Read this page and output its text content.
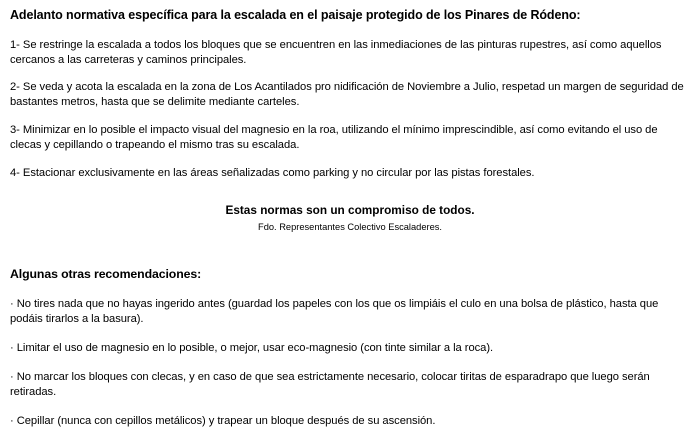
Adelanto normativa específica para la escalada en el paisaje protegido de los Pinares de Ródeno:

1- Se restringe la escalada a todos los bloques que se encuentren en las inmediaciones de las pinturas rupestres, así como aquellos cercanos a las carreteras y caminos principales.

2- Se veda y acota la escalada en la zona de Los Acantilados pro nidificación de Noviembre a Julio, respetad un margen de seguridad de bastantes metros, hasta que se delimite mediante carteles.

3- Minimizar en lo posible el impacto visual del magnesio en la roa, utilizando el mínimo imprescindible, así como evitando el uso de clecas y cepillando o trapeando el mismo tras su escalada.

4- Estacionar exclusivamente en las áreas señalizadas como parking y no circular por las pistas forestales.

Estas normas son un compromiso de todos.

Fdo. Representantes Colectivo Escaladeres.

Algunas otras recomendaciones:

· No tires nada que no hayas ingerido antes (guardad los papeles con los que os limpiáis el culo en una bolsa de plástico, hasta que podáis tirarlos a la basura).

· Limitar el uso de magnesio en lo posible, o mejor, usar eco-magnesio (con tinte similar a la roca).

· No marcar los bloques con clecas, y en caso de que sea estrictamente necesario, colocar tiritas de esparadrapo que luego serán retiradas.

· Cepillar (nunca con cepillos metálicos) y trapear un bloque después de su ascensión.
